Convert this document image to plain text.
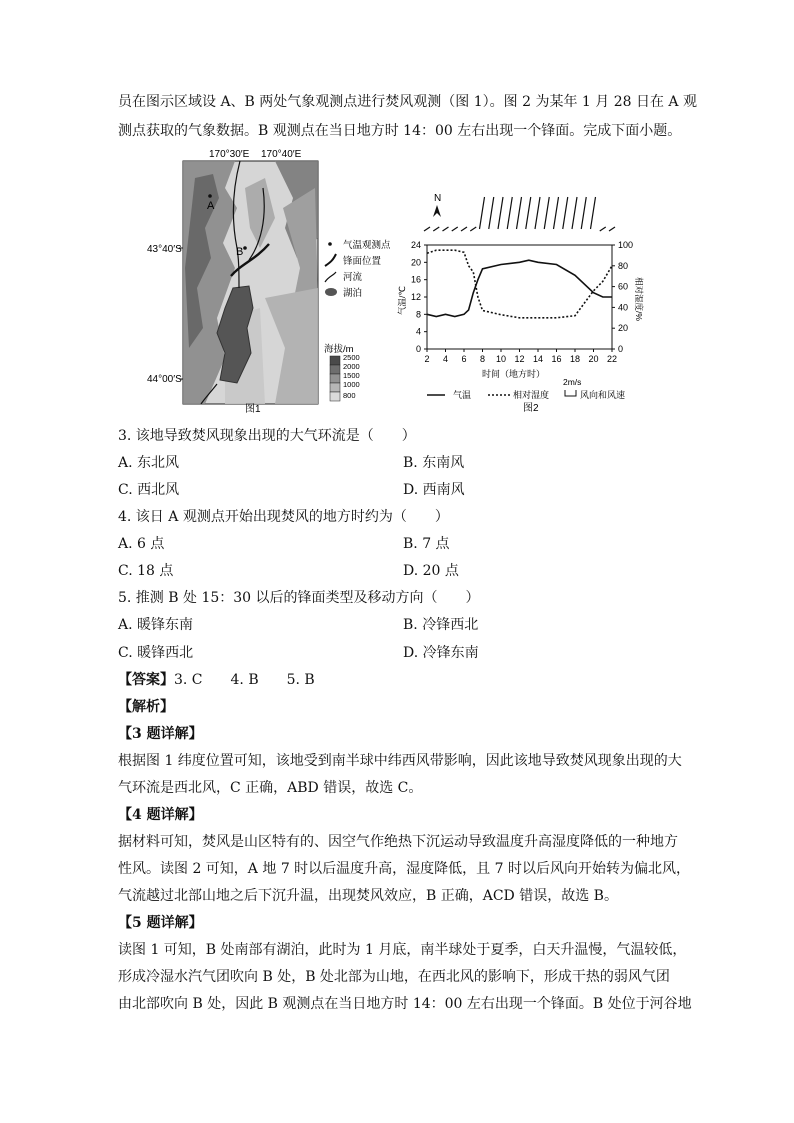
员在图示区域设 A、B 两处气象观测点进行焚风观测（图 1）。图 2 为某年 1 月 28 日在 A 观
测点获取的气象数据。B 观测点在当日地方时 14：00 左右出现一个锋面。完成下面小题。
170°30′E 170°40′E
A
B
43°40′S
44°00′S
气温观测点
锋面位置
河流
湖泊
海拔/m
2500
2000
1500
1000
800
图1
N
24
20
16
12
8
4
0
100
80
60
40
20
0
2 4 6 8 10 12 14 16 18 20 22
气温/℃	相对湿度/%
时间（地方时）
气温	相对湿度
2m/s
风向和风速
图2
3. 该地导致焚风现象出现的大气环流是（　　）
A. 东北风	B. 东南风
C. 西北风	D. 西南风
4. 该日 A 观测点开始出现焚风的地方时约为（　　）
A. 6 点	B. 7 点
C. 18 点	D. 20 点
5. 推测 B 处 15：30 以后的锋面类型及移动方向（　　）
A. 暖锋东南	B. 冷锋西北
C. 暖锋西北	D. 冷锋东南
【答案】3. C　　4. B　　5. B
【解析】
【3 题详解】
根据图 1 纬度位置可知，该地受到南半球中纬西风带影响，因此该地导致焚风现象出现的大
气环流是西北风，C 正确，ABD 错误，故选 C。
【4 题详解】
据材料可知，焚风是山区特有的、因空气作绝热下沉运动导致温度升高湿度降低的一种地方
性风。读图 2 可知，A 地 7 时以后温度升高，湿度降低，且 7 时以后风向开始转为偏北风，
气流越过北部山地之后下沉升温，出现焚风效应，B 正确，ACD 错误，故选 B。
【5 题详解】
读图 1 可知，B 处南部有湖泊，此时为 1 月底，南半球处于夏季，白天升温慢，气温较低，
形成冷湿水汽气团吹向 B 处，B 处北部为山地，在西北风的影响下，形成干热的弱风气团
由北部吹向 B 处，因此 B 观测点在当日地方时 14：00 左右出现一个锋面。B 处位于河谷地
